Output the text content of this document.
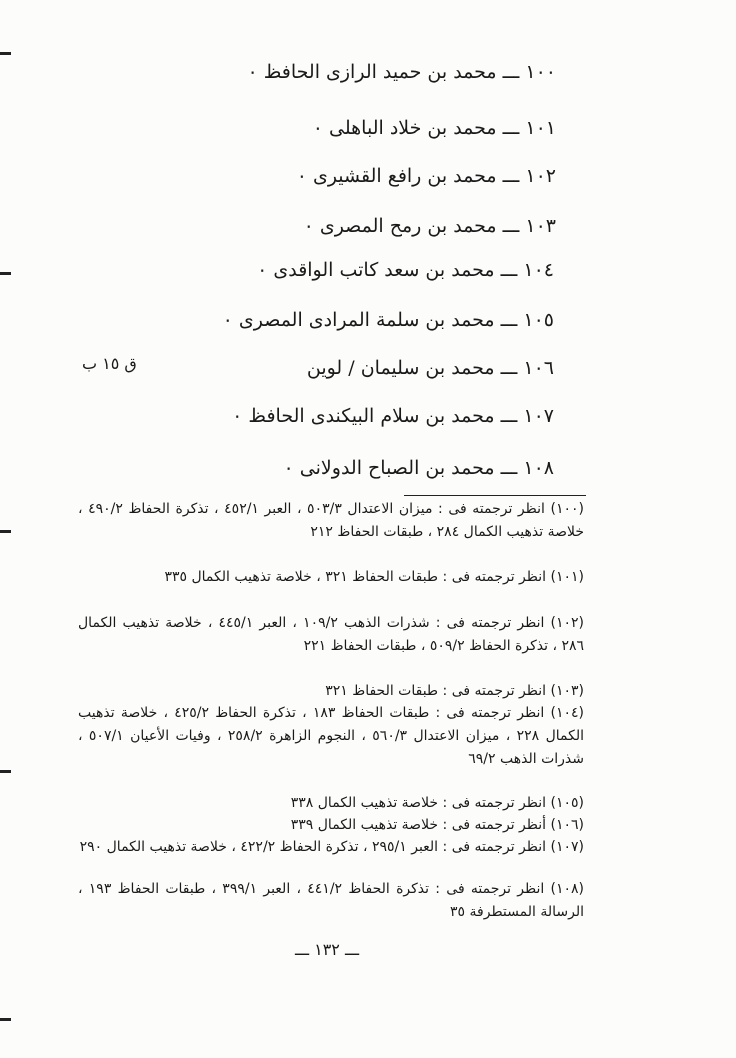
١٠٠ ـــ محمد بن حميد الرازى الحافظ ٠
١٠١ ـــ محمد بن خلاد الباهلى ٠
١٠٢ ـــ محمد بن رافع القشيرى ٠
١٠٣ ـــ محمد بن رمح المصرى ٠
١٠٤ ـــ محمد بن سعد كاتب الواقدى ٠
١٠٥ ـــ محمد بن سلمة المرادى المصرى ٠
١٠٦ ـــ محمد بن سليمان / لوين
١٠٧ ـــ محمد بن سلام البيكندى الحافظ ٠
١٠٨ ـــ محمد بن الصباح الدولانى ٠
ق ١٥ ب
(١٠٠) انظر ترجمته فى : ميزان الاعتدال ٥٠٣/٣ ، العبر ٤٥٢/١ ، تذكرة الحفاظ ٤٩٠/٢ ، خلاصة تذهيب الكمال ٢٨٤ ، طبقات الحفاظ ٢١٢
(١٠١) انظر ترجمته فى : طبقات الحفاظ ٣٢١ ، خلاصة تذهيب الكمال ٣٣٥
(١٠٢) انظر ترجمته فى : شذرات الذهب ١٠٩/٢ ، العبر ٤٤٥/١ ، خلاصة تذهيب الكمال ٢٨٦ ، تذكرة الحفاظ ٥٠٩/٢ ، طبقات الحفاظ ٢٢١
(١٠٣) انظر ترجمته فى : طبقات الحفاظ ٣٢١
(١٠٤) انظر ترجمته فى : طبقات الحفاظ ١٨٣ ، تذكرة الحفاظ ٤٢٥/٢ ، خلاصة تذهيب الكمال ٢٢٨ ، ميزان الاعتدال ٥٦٠/٣ ، النجوم الزاهرة ٢٥٨/٢ ، وفيات الأعيان ٥٠٧/١ ، شذرات الذهب ٦٩/٢
(١٠٥) انظر ترجمته فى : خلاصة تذهيب الكمال ٣٣٨
(١٠٦) أنظر ترجمته فى : خلاصة تذهيب الكمال ٣٣٩
(١٠٧) انظر ترجمته فى : العبر ٢٩٥/١ ، تذكرة الحفاظ ٤٢٢/٢ ، خلاصة تذهيب الكمال ٢٩٠
(١٠٨) انظر ترجمته فى : تذكرة الحفاظ ٤٤١/٢ ، العبر ٣٩٩/١ ، طبقات الحفاظ ١٩٣ ، الرسالة المستطرفة ٣٥
ـــ ١٣٢ ـــ
